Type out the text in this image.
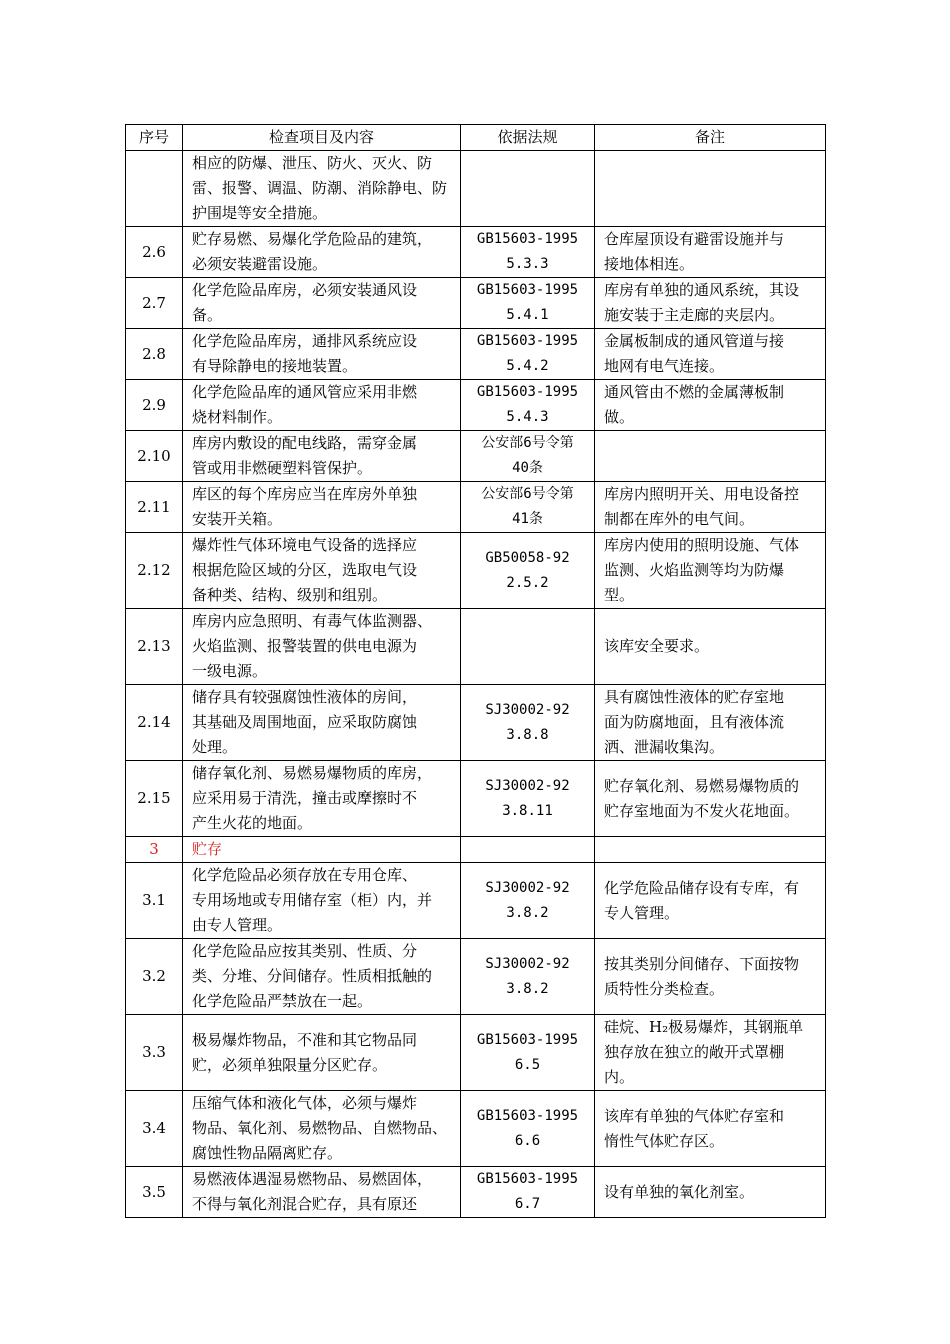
序号	检查项目及内容	依据法规	备注

	相应的防爆、泄压、防火、灭火、防
雷、报警、调温、防潮、消除静电、防
护围堤等安全措施。		

2.6	贮存易燃、易爆化学危险品的建筑，
必须安装避雷设施。	GB15603-1995
5.3.3	仓库屋顶设有避雷设施并与
接地体相连。

2.7	化学危险品库房，必须安装通风设
备。	GB15603-1995
5.4.1	库房有单独的通风系统，其设
施安装于主走廊的夹层内。

2.8	化学危险品库房，通排风系统应设
有导除静电的接地装置。	GB15603-1995
5.4.2	金属板制成的通风管道与接
地网有电气连接。

2.9	化学危险品库的通风管应采用非燃
烧材料制作。	GB15603-1995
5.4.3	通风管由不燃的金属薄板制
做。

2.10	库房内敷设的配电线路，需穿金属
管或用非燃硬塑料管保护。	公安部6号令第
40条	

2.11	库区的每个库房应当在库房外单独
安装开关箱。	公安部6号令第
41条	库房内照明开关、用电设备控
制都在库外的电气间。

2.12	爆炸性气体环境电气设备的选择应
根据危险区域的分区，选取电气设
备种类、结构、级别和组别。	GB50058-92
2.5.2	库房内使用的照明设施、气体
监测、火焰监测等均为防爆
型。

2.13	库房内应急照明、有毒气体监测器、
火焰监测、报警装置的供电电源为
一级电源。		该库安全要求。

2.14	储存具有较强腐蚀性液体的房间，
其基础及周围地面，应采取防腐蚀
处理。	SJ30002-92
3.8.8	具有腐蚀性液体的贮存室地
面为防腐地面，且有液体流
洒、泄漏收集沟。

2.15	储存氧化剂、易燃易爆物质的库房，
应采用易于清洗，撞击或摩擦时不
产生火花的地面。	SJ30002-92
3.8.11	贮存氧化剂、易燃易爆物质的
贮存室地面为不发火花地面。

3	贮存		

3.1	化学危险品必须存放在专用仓库、
专用场地或专用储存室（柜）内，并
由专人管理。	SJ30002-92
3.8.2	化学危险品储存设有专库，有
专人管理。

3.2	化学危险品应按其类别、性质、分
类、分堆、分间储存。性质相抵触的
化学危险品严禁放在一起。	SJ30002-92
3.8.2	按其类别分间储存、下面按物
质特性分类检查。

3.3	极易爆炸物品，不准和其它物品同
贮，必须单独限量分区贮存。	GB15603-1995
6.5	硅烷、H₂极易爆炸，其钢瓶单
独存放在独立的敞开式罩棚
内。

3.4	压缩气体和液化气体，必须与爆炸
物品、氧化剂、易燃物品、自燃物品、
腐蚀性物品隔离贮存。	GB15603-1995
6.6	该库有单独的气体贮存室和
惰性气体贮存区。

3.5	易燃液体遇湿易燃物品、易燃固体，
不得与氧化剂混合贮存，具有原还	GB15603-1995
6.7	设有单独的氧化剂室。
